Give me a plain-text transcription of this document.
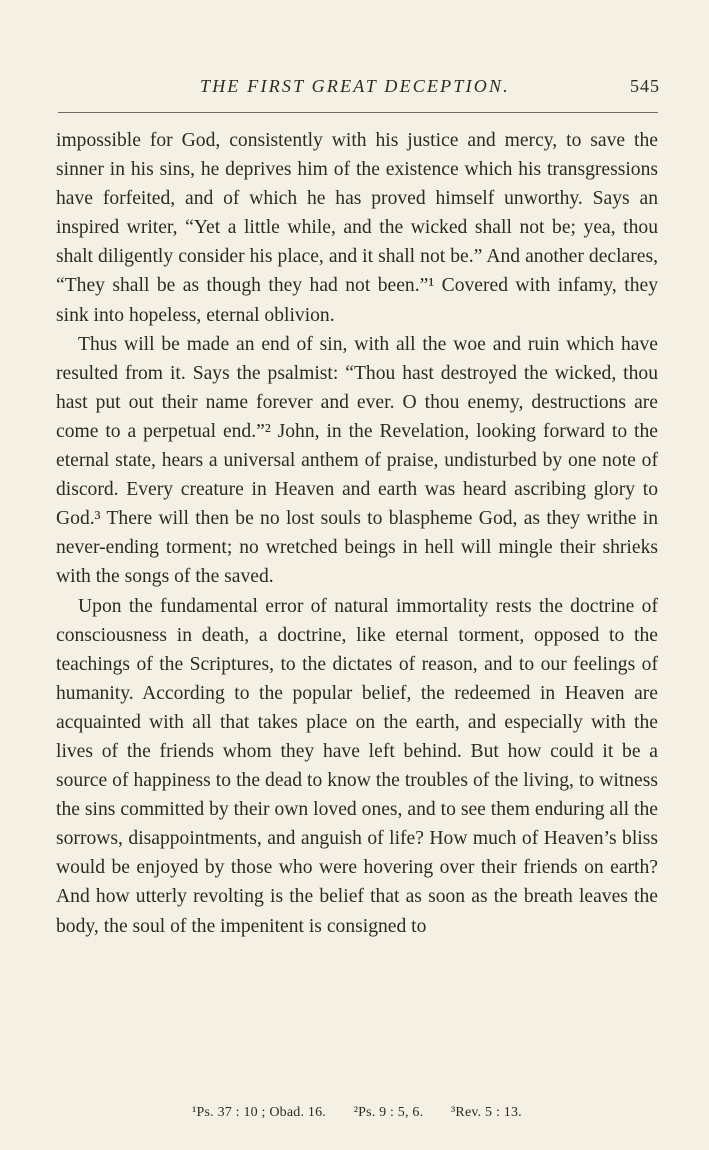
THE FIRST GREAT DECEPTION.	545

impossible for God, consistently with his justice and mercy, to save the sinner in his sins, he deprives him of the existence which his transgressions have forfeited, and of which he has proved himself unworthy. Says an inspired writer, “Yet a little while, and the wicked shall not be; yea, thou shalt diligently consider his place, and it shall not be.” And another declares, “They shall be as though they had not been.”¹ Covered with infamy, they sink into hopeless, eternal oblivion.

Thus will be made an end of sin, with all the woe and ruin which have resulted from it. Says the psalmist: “Thou hast destroyed the wicked, thou hast put out their name forever and ever. O thou enemy, destructions are come to a perpetual end.”² John, in the Revelation, looking forward to the eternal state, hears a universal anthem of praise, undisturbed by one note of discord. Every creature in Heaven and earth was heard ascribing glory to God.³ There will then be no lost souls to blaspheme God, as they writhe in never-ending torment; no wretched beings in hell will mingle their shrieks with the songs of the saved.

Upon the fundamental error of natural immortality rests the doctrine of consciousness in death, a doctrine, like eternal torment, opposed to the teachings of the Scriptures, to the dictates of reason, and to our feelings of humanity. According to the popular belief, the redeemed in Heaven are acquainted with all that takes place on the earth, and especially with the lives of the friends whom they have left behind. But how could it be a source of happiness to the dead to know the troubles of the living, to witness the sins committed by their own loved ones, and to see them enduring all the sorrows, disappointments, and anguish of life? How much of Heaven’s bliss would be enjoyed by those who were hovering over their friends on earth? And how utterly revolting is the belief that as soon as the breath leaves the body, the soul of the impenitent is consigned to

¹Ps. 37 : 10 ; Obad. 16. ²Ps. 9 : 5, 6. ³Rev. 5 : 13.
